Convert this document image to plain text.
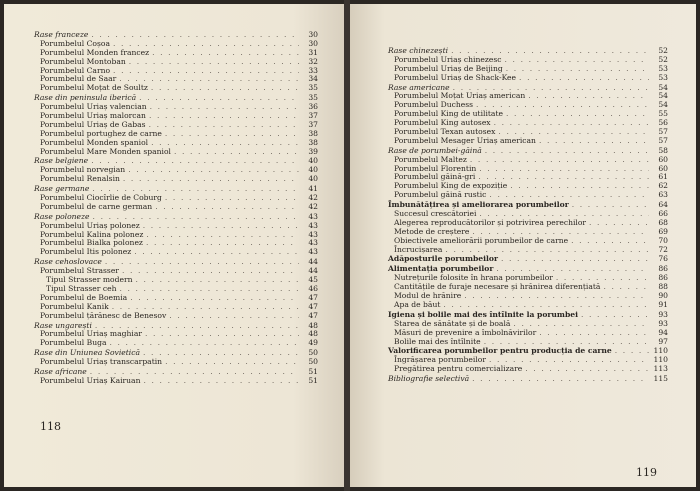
Rase franceze . . .	30
Porumbelul Coșoa . . .	30
Porumbelul Monden francez . . .	31
Porumbelul Montoban . . .	32
Porumbelul Carno . . .	33
Porumbelul de Saar . . .	34
Porumbelul Moțat de Soultz . . .	35
Rase din peninsula iberică . . .	35
Porumbelul Uriaș valencian . . .	36
Porumbelul Uriaș malorcan . . .	37
Porumbelul Uriaș de Gabas . . .	37
Porumbelul portughez de carne . . .	38
Porumbelul Monden spaniol . . .	38
Porumbelul Mare Monden spaniol . . .	39
Rase belgiene . . .	40
Porumbelul norvegian . . .	40
Porumbelul Renalsin . . .	40
Rase germane . . .	41
Porumbelul Ciocîrlie de Coburg . . .	42
Porumbelul de carne german . . .	42
Rase poloneze . . .	43
Porumbelul Uriaș polonez . . .	43
Porumbelul Kalina polonez . . .	43
Porumbelul Bialka polonez . . .	43
Porumbelul Itis polonez . . .	43
Rase cehoslovace . . .	44
Porumbelul Strasser . . .	44
Tipul Strasser modern . . .	45
Tipul Strasser ceh . . .	46
Porumbelul de Boemia . . .	47
Porumbelul Kanik . . .	47
Porumbelul țărănesc de Benesov . . .	47
Rase ungarești . . .	48
Porumbelul Uriaș maghiar . . .	48
Porumbelul Buga . . .	49
Rase din Uniunea Sovietică . . .	50
Porumbelul Uriaș transcarpatin . . .	50
Rase africane . . .	51
Porumbelul Uriaș Kairuan . . .	51
118
Rase chinezești . . .	52
Porumbelul Uriaș chinezesc . . .	52
Porumbelul Uriaș de Beijing . . .	53
Porumbelul Uriaș de Shack-Kee . . .	53
Rase americane . . .	54
Porumbelul Moțat Uriaș american . . .	54
Porumbelul Duchess . . .	54
Porumbelul King de utilitate . . .	55
Porumbelul King autosex . . .	56
Porumbelul Texan autosex . . .	57
Porumbelul Mesager Uriaș american . . .	57
Rase de porumbei-găină . . .	58
Porumbelul Maltez . . .	60
Porumbelul Florentin . . .	60
Porumbelul găină-gri . . .	61
Porumbelul King de expoziție . . .	62
Porumbelul găină rustic . . .	63
Îmbunătățirea și ameliorarea porumbeilor . . .	64
Succesul crescătoriei . . .	66
Alegerea reproducătorilor și potrivirea perechilor . . .	68
Metode de creștere . . .	69
Obiectivele ameliorării porumbeilor de carne . . .	70
Încrucișarea . . .	72
Adăposturile porumbeilor . . .	76
Alimentația porumbeilor . . .	86
Nutrețurile folosite în hrana porumbeilor . . .	86
Cantitățile de furaje necesare și hrănirea diferențiată . . .	88
Modul de hrănire . . .	90
Apa de băut . . .	91
Igiena și bolile mai des întîlnite la porumbei . . .	93
Starea de sănătate și de boală . . .	93
Măsuri de prevenire a îmbolnăvirilor . . .	94
Bolile mai des întîlnite . . .	97
Valorificarea porumbeilor pentru producția de carne . . .	110
Îngrășarea porumbeilor . . .	110
Pregătirea pentru comercializare . . .	113
Bibliografie selectivă . . .	115
119
